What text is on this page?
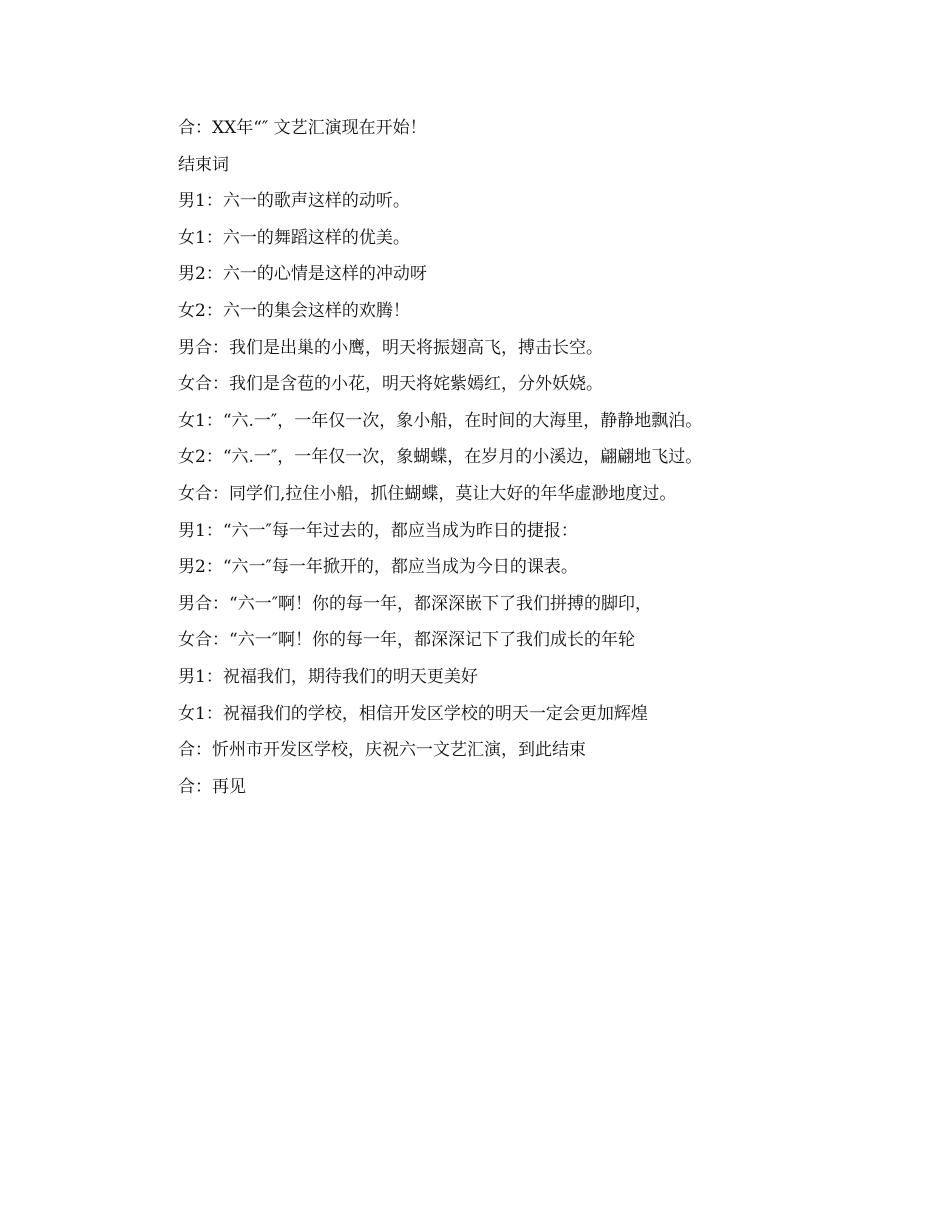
合：XX年“″ 文艺汇演现在开始！
结束词
男1：六一的歌声这样的动听。
女1：六一的舞蹈这样的优美。
男2：六一的心情是这样的冲动呀
女2：六一的集会这样的欢腾！
男合：我们是出巢的小鹰，明天将振翅高飞，搏击长空。
女合：我们是含苞的小花，明天将姹紫嫣红，分外妖娆。
女1：“六.一″，一年仅一次，象小船，在时间的大海里，静静地飘泊。
女2：“六.一″，一年仅一次，象蝴蝶，在岁月的小溪边，翩翩地飞过。
女合：同学们,拉住小船，抓住蝴蝶，莫让大好的年华虚渺地度过。
男1：“六一″每一年过去的，都应当成为昨日的捷报：
男2：“六一″每一年掀开的，都应当成为今日的课表。
男合：“六一″啊！你的每一年，都深深嵌下了我们拼搏的脚印，
女合：“六一″啊！你的每一年，都深深记下了我们成长的年轮
男1：祝福我们，期待我们的明天更美好
女1：祝福我们的学校，相信开发区学校的明天一定会更加辉煌
合：忻州市开发区学校，庆祝六一文艺汇演，到此结束
合：再见
